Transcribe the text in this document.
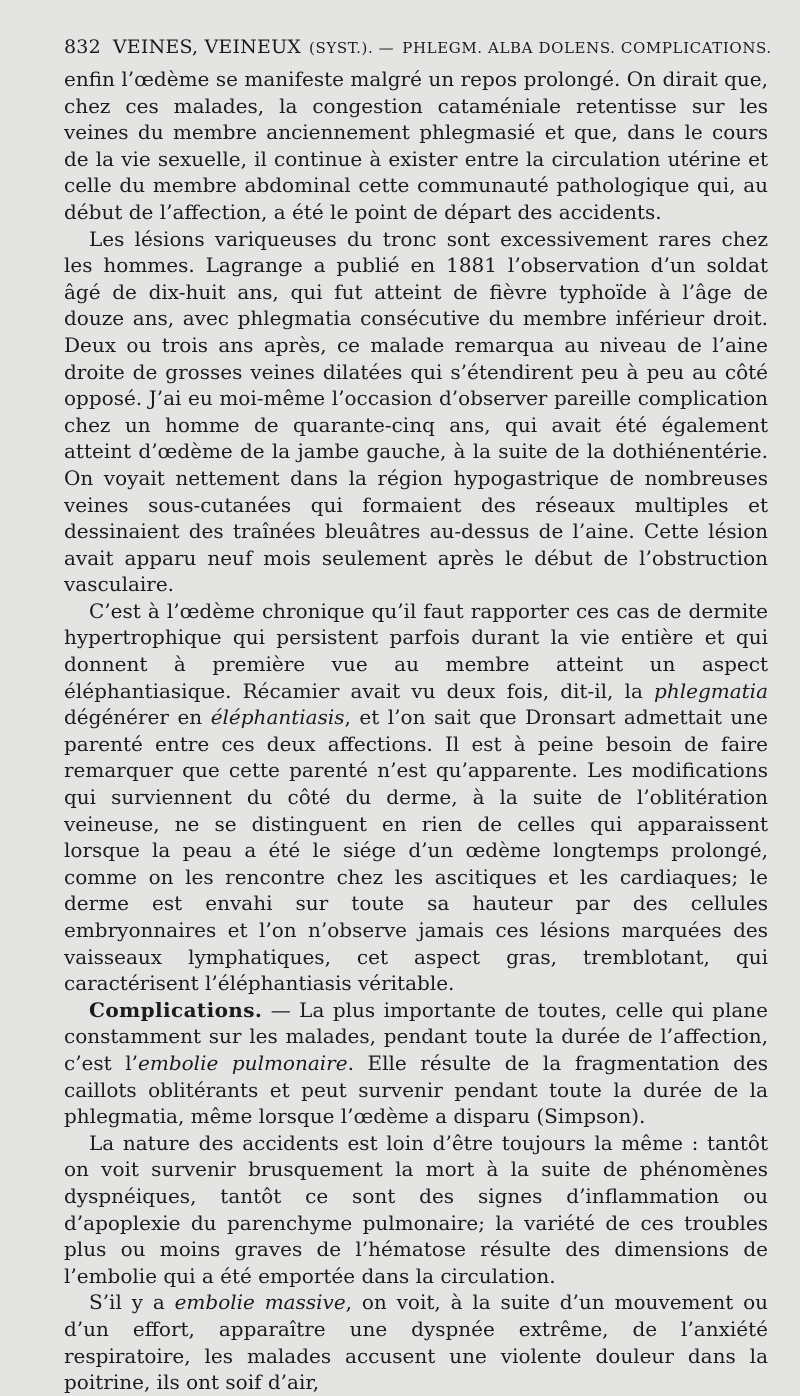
832 VEINES, VEINEUX (SYST.). — PHLEGM. ALBA DOLENS. COMPLICATIONS.

enfin l’œdème se manifeste malgré un repos prolongé. On dirait que, chez ces malades, la congestion cataméniale retentisse sur les veines du membre anciennement phlegmasié et que, dans le cours de la vie sexuelle, il continue à exister entre la circulation utérine et celle du membre abdominal cette communauté pathologique qui, au début de l’affection, a été le point de départ des accidents.

Les lésions variqueuses du tronc sont excessivement rares chez les hommes. Lagrange a publié en 1881 l’observation d’un soldat âgé de dix-huit ans, qui fut atteint de fièvre typhoïde à l’âge de douze ans, avec phlegmatia consécutive du membre inférieur droit. Deux ou trois ans après, ce malade remarqua au niveau de l’aine droite de grosses veines dilatées qui s’étendirent peu à peu au côté opposé. J’ai eu moi-même l’occasion d’observer pareille complication chez un homme de quarante-cinq ans, qui avait été également atteint d’œdème de la jambe gauche, à la suite de la dothiénentérie. On voyait nettement dans la région hypogastrique de nombreuses veines sous-cutanées qui formaient des réseaux multiples et dessinaient des traînées bleuâtres au-dessus de l’aine. Cette lésion avait apparu neuf mois seulement après le début de l’obstruction vasculaire.

C’est à l’œdème chronique qu’il faut rapporter ces cas de dermite hypertrophique qui persistent parfois durant la vie entière et qui donnent à première vue au membre atteint un aspect éléphantiasique. Récamier avait vu deux fois, dit-il, la phlegmatia dégénérer en éléphantiasis, et l’on sait que Dronsart admettait une parenté entre ces deux affections. Il est à peine besoin de faire remarquer que cette parenté n’est qu’apparente. Les modifications qui surviennent du côté du derme, à la suite de l’oblitération veineuse, ne se distinguent en rien de celles qui apparaissent lorsque la peau a été le siége d’un œdème longtemps prolongé, comme on les rencontre chez les ascitiques et les cardiaques; le derme est envahi sur toute sa hauteur par des cellules embryonnaires et l’on n’observe jamais ces lésions marquées des vaisseaux lymphatiques, cet aspect gras, tremblotant, qui caractérisent l’éléphantiasis véritable.

Complications. — La plus importante de toutes, celle qui plane constamment sur les malades, pendant toute la durée de l’affection, c’est l’embolie pulmonaire. Elle résulte de la fragmentation des caillots oblitérants et peut survenir pendant toute la durée de la phlegmatia, même lorsque l’œdème a disparu (Simpson).

La nature des accidents est loin d’être toujours la même : tantôt on voit survenir brusquement la mort à la suite de phénomènes dyspnéiques, tantôt ce sont des signes d’inflammation ou d’apoplexie du parenchyme pulmonaire; la variété de ces troubles plus ou moins graves de l’hématose résulte des dimensions de l’embolie qui a été emportée dans la circulation.

S’il y a embolie massive, on voit, à la suite d’un mouvement ou d’un effort, apparaître une dyspnée extrême, de l’anxiété respiratoire, les malades accusent une violente douleur dans la poitrine, ils ont soif d’air,
